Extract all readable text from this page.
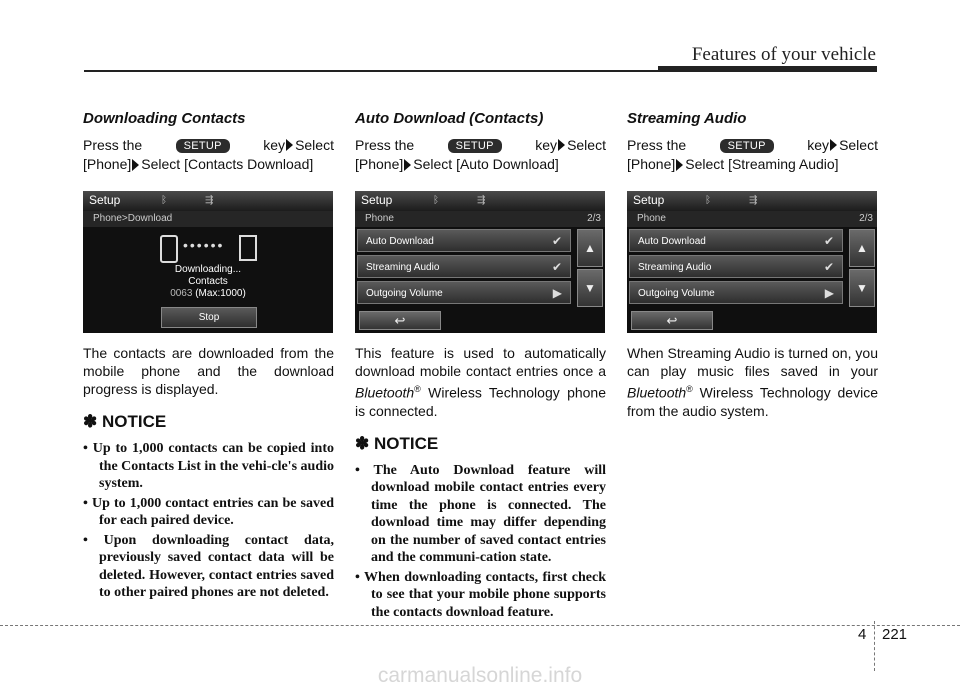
Features of your vehicle
Downloading Contacts
Press the	SETUP	key Select
[Phone] Select [Contacts Download]
Setup	ᛒ	⇶
Phone>Download
••••••
Downloading...
Contacts
0063 (Max:1000)
Stop

The contacts are downloaded from the mobile phone and the download progress is displayed.

✽ NOTICE
• Up to 1,000 contacts can be copied into the Contacts List in the vehi-cle's audio system.
• Up to 1,000 contact entries can be saved for each paired device.
• Upon downloading contact data, previously saved contact data will be deleted. However, contact entries saved to other paired phones are not deleted.
Auto Download (Contacts)
Press the	SETUP	key Select
[Phone] Select [Auto Download]
Setup	ᛒ	⇶
Phone	2/3
Auto Download	✔
Streaming Audio	✔
Outgoing Volume	▶
▲
▼
↩

This feature is used to automatically download mobile contact entries once a Bluetooth® Wireless Technology phone is connected.

✽ NOTICE
• The Auto Download feature will download mobile contact entries every time the phone is connected. The download time may differ depending on the number of saved contact entries and the communi-cation state.
• When downloading contacts, first check to see that your mobile phone supports the contacts download feature.
Streaming Audio
Press the	SETUP	key Select
[Phone] Select [Streaming Audio]
Setup	ᛒ	⇶
Phone	2/3
Auto Download	✔
Streaming Audio	✔
Outgoing Volume	▶
▲
▼
↩

When Streaming Audio is turned on, you can play music files saved in your Bluetooth® Wireless Technology device from the audio system.

4 221
carmanualsonline.info
